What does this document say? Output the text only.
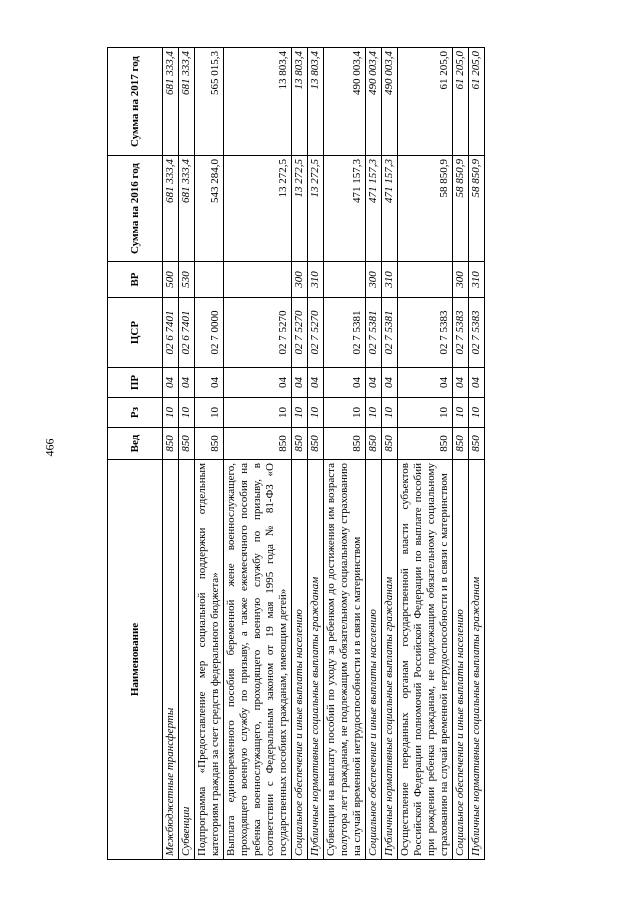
466
Наименование	Вед	Рз	ПР	ЦСР	ВР	Сумма на 2016 год	Сумма на 2017 год
Межбюджетные трансферты	850	10	04	02 6 7401	500	681 333,4	681 333,4
Субвенции	850	10	04	02 6 7401	530	681 333,4	681 333,4
Подпрограмма «Предоставление мер социальной поддержки отдельным категориям граждан за счет средств федерального бюджета»	850	10	04	02 7 0000		543 284,0	565 015,3
Выплата единовременного пособия беременной жене военнослужащего, проходящего военную службу по призыву, а также ежемесячного пособия на ребенка военнослужащего, проходящего военную службу по призыву, в соответствии с Федеральным законом от 19 мая 1995 года № 81-ФЗ «О государственных пособиях гражданам, имеющим детей»	850	10	04	02 7 5270		13 272,5	13 803,4
Социальное обеспечение и иные выплаты населению	850	10	04	02 7 5270	300	13 272,5	13 803,4
Публичные нормативные социальные выплаты гражданам	850	10	04	02 7 5270	310	13 272,5	13 803,4
Субвенции на выплату пособий по уходу за ребенком до достижения им возраста полутора лет гражданам, не подлежащим обязательному социальному страхованию на случай временной нетрудоспособности и в связи с материнством	850	10	04	02 7 5381		471 157,3	490 003,4
Социальное обеспечение и иные выплаты населению	850	10	04	02 7 5381	300	471 157,3	490 003,4
Публичные нормативные социальные выплаты гражданам	850	10	04	02 7 5381	310	471 157,3	490 003,4
Осуществление переданных органам государственной власти субъектов Российской Федерации полномочий Российской Федерации по выплате пособий при рождении ребенка гражданам, не подлежащим обязательному социальному страхованию на случай временной нетрудоспособности и в связи с материнством	850	10	04	02 7 5383		58 850,9	61 205,0
Социальное обеспечение и иные выплаты населению	850	10	04	02 7 5383	300	58 850,9	61 205,0
Публичные нормативные социальные выплаты гражданам	850	10	04	02 7 5383	310	58 850,9	61 205,0
